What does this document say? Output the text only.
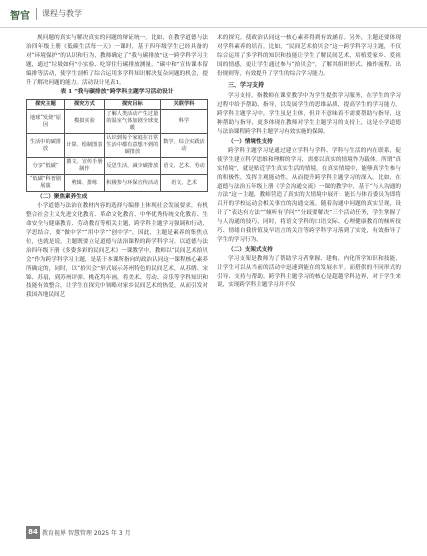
智官 课程与教学

规问题的真实与解决真实的问题的辩证统一。比如，在教学道德与法治四年级上册《低碳生活每一天》一课时，基于四年级学生已经具备的对“环境保护”的认识和行为，教师确定了“我与碳排放”这一跨学科学习主题，通过“垃圾如何”小实验、吃穿住行碳排放测量、“碳中和”宣传课本留编排等活动，使学生剖析了综合运用多学科知识解决复杂问题的机会，提升了解决问题的能力。活动设计见表1。

表 1 “我与碳排放”跨学科主题学习活动设计
探究主题	探究方式	探究目标	关联学科
地球“发烧”原因	模拟实验	了解人类活动产生过量的温室气体加剧全球变暖	科学
生活中的碳排放	计算、绘制图表	认识到每个家庭在日常生活中都有意想不到的碳排放	数学、综合实践活动
分享“低碳”	撰文、宣传手册制作	反思生活，减少碳排放	语文、艺术、劳动
“低碳”科普剧展演	剪辑、排练	积极参与环保宣传活动	语文、艺术
（二）聚焦素养生成

小学道德与法治在教材内容的选择与编排上体现社会发展要求，有机整合社会主义先进文化教育、革命文化教育、中华优秀传统文化教育、生命安全与健康教育、劳动教育等相关主题，跨学科主题学习强调和行动，学思结合，要“做中学”“用中学”“创中学”，因此，主题是素养的集焦点位，也就是说，主题既要立足道德与法治课程的跨学科学习，以道德与法治四年级下册《多姿多彩的民间艺术》一课教学中，教师以“民间艺术拾贝会”作为跨学科学习主题，是基于本课所指向的政治认同这一课程核心素养所确定的，同时，以“拾贝会”形式展示苏州特色的民间艺术，从苏绣、宋锦、苏扇，到苏州评弹、桃花坞年画，将美术、劳动、音乐等学科知识和技能有效整合，让学生在探究中领略对家乡民间艺术的热爱，从而引发对我国各地民间艺

术的探究。使政治认同这一核心素养得到有效涵育。另外，主题还要体现对学科素养的培育。比如，“民间艺术拾贝会”这一跨学科学习主题，不仅综合运用了多学科的知识和技能让学生了解民间艺术，培植爱家乡、爱祖国的情感，更让学生通过参与“拾贝会”，了解其组织形式、操作流程、出份规则等，有效提升了学生的综合学习能力。

三、学习支持

学习支持，指教师在课堂教学中为学生提供学习服务，在学生的学习过程中给予帮助、指导，以发展学生的思维品质，提高学生的学习能力。跨学科主题学习中，学生虽是主体，但并不意味着不需要帮助与指导，这种帮助与指导，更多体现在教师对学生主题学习的支持上，这是小学道德与法治课程跨学科主题学习有效实施的保障。

（一）情境性支持

跨学科主题学习是通过建立学科与学科、学科与生活的内在联系，促使学生建立科学思维和理解的学习，需要以真实的情境作为载体。所谓“真实情境”，就是贴近学生真实生活的情境，在真实情境中，能够真学生参与的积极性，发挥主观能动性，从而提升跨学科主题学习的深入。比如，在道德与法治五年级上册《学会沟通交流》一课的教学中，基于“与人沟通的方法”这一主题，教师营造了真实的大情境中展开：能长与体育委员为即将召开的学校运动会相关事宜的沟通交流。随着沟通中问题的真实呈现，设计了“表达有方法”“倾听有学问”“分歧要解决”三个活动任务，学生掌握了与人沟通的技巧，同时，将语文学科的口语交际、心理健康教育的倾听技巧、情绪自我价值及早语言的关注等跨学科学习落到了实处，有效指导了学生的学习行为。

（二）支架式支持

学习支架是教师为了帮助学习者掌握、建构、内化所学知识和技能，让学生可以从当前的活动中迅速到能在的发展水平。而搭供的不同形式的引导、支持与帮助。跨学科主题学习的核心是超越学科边界，对于学生来说，实现跨学科主题学习并不仅

84 教育视界 智慧管理 2025 年 3 月
